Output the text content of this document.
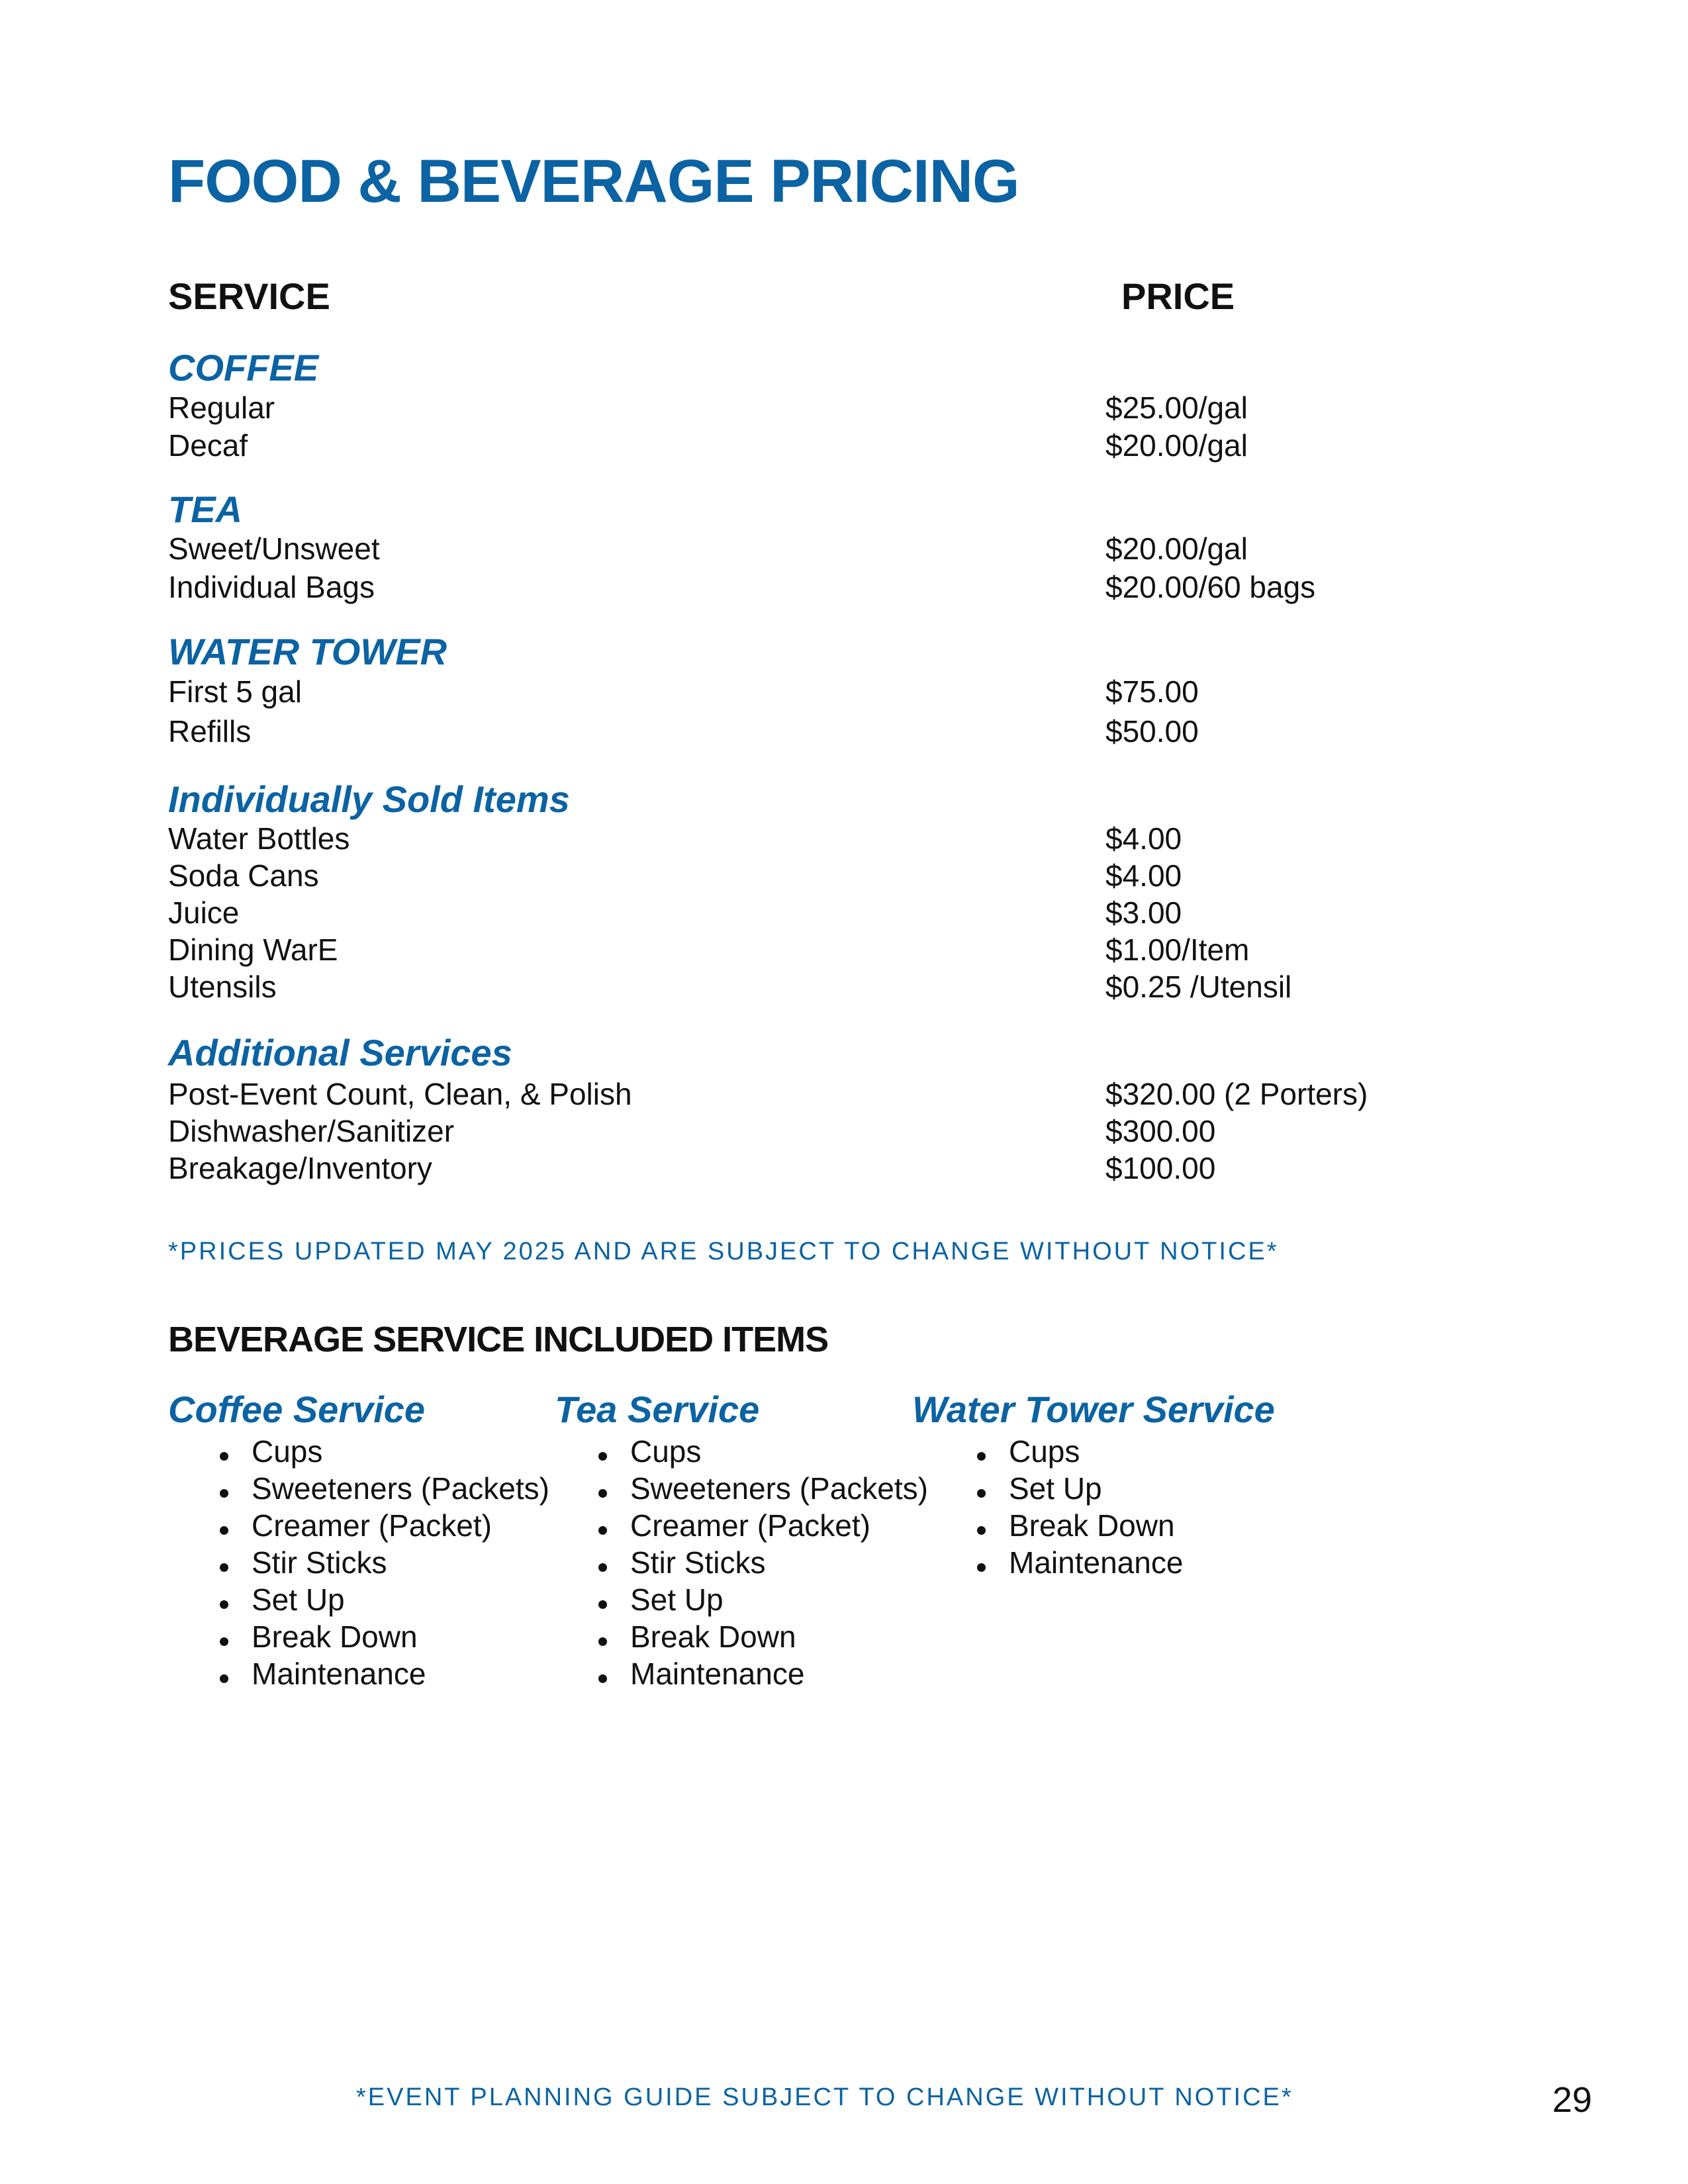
FOOD & BEVERAGE PRICING
SERVICE	PRICE
COFFEE
Regular	$25.00/gal
Decaf	$20.00/gal
TEA
Sweet/Unsweet	$20.00/gal
Individual Bags	$20.00/60 bags
WATER TOWER
First 5 gal	$75.00
Refills	$50.00
Individually Sold Items
Water Bottles	$4.00
Soda Cans	$4.00
Juice	$3.00
Dining WarE	$1.00/Item
Utensils	$0.25 /Utensil
Additional Services
Post-Event Count, Clean, & Polish	$320.00 (2 Porters)
Dishwasher/Sanitizer	$300.00
Breakage/Inventory	$100.00
*PRICES UPDATED MAY 2025 AND ARE SUBJECT TO CHANGE WITHOUT NOTICE*
BEVERAGE SERVICE INCLUDED ITEMS
Coffee Service	Tea Service	Water Tower Service
Cups
Sweeteners (Packets)
Creamer (Packet)
Stir Sticks
Set Up
Break Down
Maintenance
Cups
Sweeteners (Packets)
Creamer (Packet)
Stir Sticks
Set Up
Break Down
Maintenance
Cups
Set Up
Break Down
Maintenance
*EVENT PLANNING GUIDE SUBJECT TO CHANGE WITHOUT NOTICE*	29
